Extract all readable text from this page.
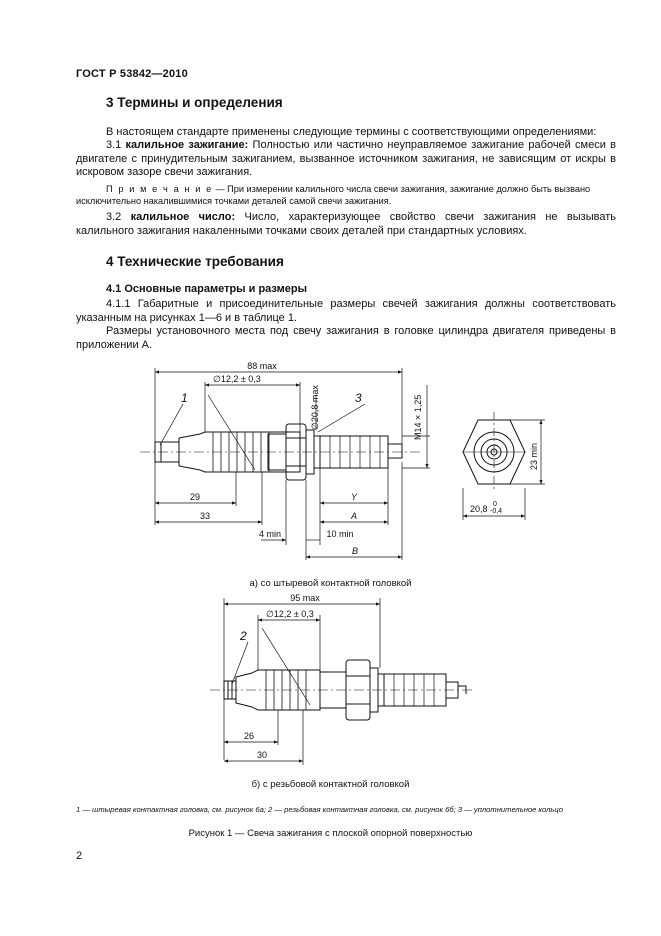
ГОСТ Р 53842—2010
3 Термины и определения
В настоящем стандарте применены следующие термины с соответствующими определениями:
3.1 калильное зажигание: Полностью или частично неуправляемое зажигание рабочей смеси в двигателе с принудительным зажиганием, вызванное источником зажигания, не зависящим от искры в искровом зазоре свечи зажигания.
П р и м е ч а н и е — При измерении калильного числа свечи зажигания, зажигание должно быть вызвано исключительно накалившимися точками деталей самой свечи зажигания.
3.2 калильное число: Число, характеризующее свойство свечи зажигания не вызывать калильного зажигания накаленными точками своих деталей при стандартных условиях.
4 Технические требования
4.1 Основные параметры и размеры
4.1.1 Габаритные и присоединительные размеры свечей зажигания должны соответствовать указанным на рисунках 1—6 и в таблице 1.
Размеры установочного места под свечу зажигания в головке цилиндра двигателя приведены в приложении А.
88 max
∅12,2 ± 0,3
∅20,8 max	M14 × 1,25
29
33
Y
A
4 min	10 min
B
20,8 0
-0,4
23 min
1	3
а) со штыревой контактной головкой
95 max
∅12,2 ± 0,3
26
30
2
б) с резьбовой контактной головкой
1 — штыревая контактная головка, см. рисунок 6а; 2 — резьбовая контактная головка, см. рисунок 6б; 3 — уплотнительное кольцо
Рисунок 1 — Свеча зажигания с плоской опорной поверхностью
2
